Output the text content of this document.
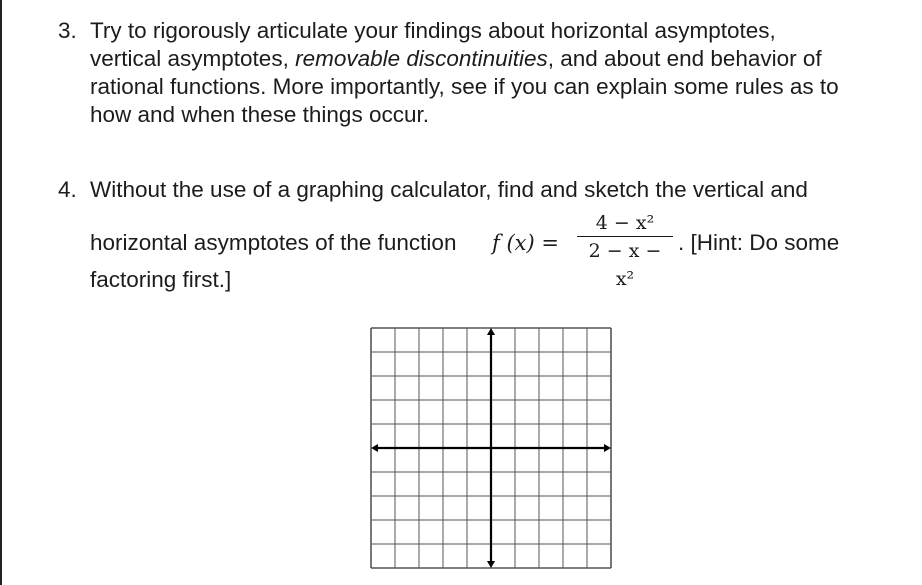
3. Try to rigorously articulate your findings about horizontal asymptotes,
vertical asymptotes, removable discontinuities, and about end behavior of
rational functions. More importantly, see if you can explain some rules as to
how and when these things occur.
4. Without the use of a graphing calculator, find and sketch the vertical and
horizontal asymptotes of the function f (x) =
4 − x²
2 − x − x²
. [Hint: Do some
factoring first.]
